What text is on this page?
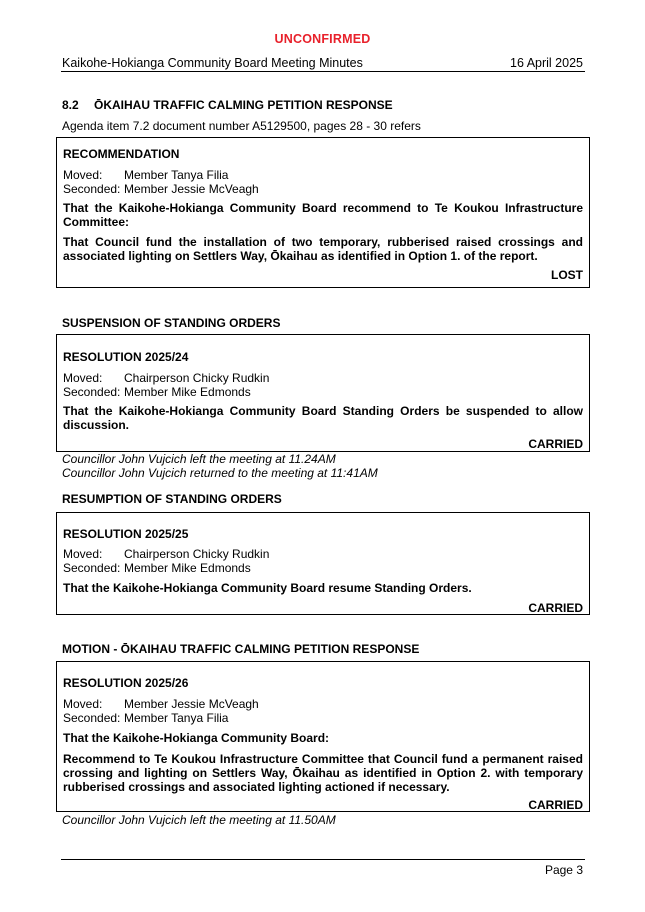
UNCONFIRMED
Kaikohe-Hokianga Community Board Meeting Minutes	16 April 2025
8.2 ŌKAIHAU TRAFFIC CALMING PETITION RESPONSE
Agenda item 7.2 document number A5129500, pages 28 - 30 refers
RECOMMENDATION
Moved: Member Tanya Filia
Seconded: Member Jessie McVeagh
That the Kaikohe-Hokianga Community Board recommend to Te Koukou Infrastructure Committee:
That Council fund the installation of two temporary, rubberised raised crossings and associated lighting on Settlers Way, Ōkaihau as identified in Option 1. of the report.
LOST
SUSPENSION OF STANDING ORDERS
RESOLUTION 2025/24
Moved: Chairperson Chicky Rudkin
Seconded: Member Mike Edmonds
That the Kaikohe-Hokianga Community Board Standing Orders be suspended to allow discussion.
CARRIED
Councillor John Vujcich left the meeting at 11.24AM
Councillor John Vujcich returned to the meeting at 11:41AM
RESUMPTION OF STANDING ORDERS
RESOLUTION 2025/25
Moved: Chairperson Chicky Rudkin
Seconded: Member Mike Edmonds
That the Kaikohe-Hokianga Community Board resume Standing Orders.
CARRIED
MOTION - ŌKAIHAU TRAFFIC CALMING PETITION RESPONSE
RESOLUTION 2025/26
Moved: Member Jessie McVeagh
Seconded: Member Tanya Filia
That the Kaikohe-Hokianga Community Board:
Recommend to Te Koukou Infrastructure Committee that Council fund a permanent raised crossing and lighting on Settlers Way, Ōkaihau as identified in Option 2. with temporary rubberised crossings and associated lighting actioned if necessary.
CARRIED
Councillor John Vujcich left the meeting at 11.50AM
Page 3
